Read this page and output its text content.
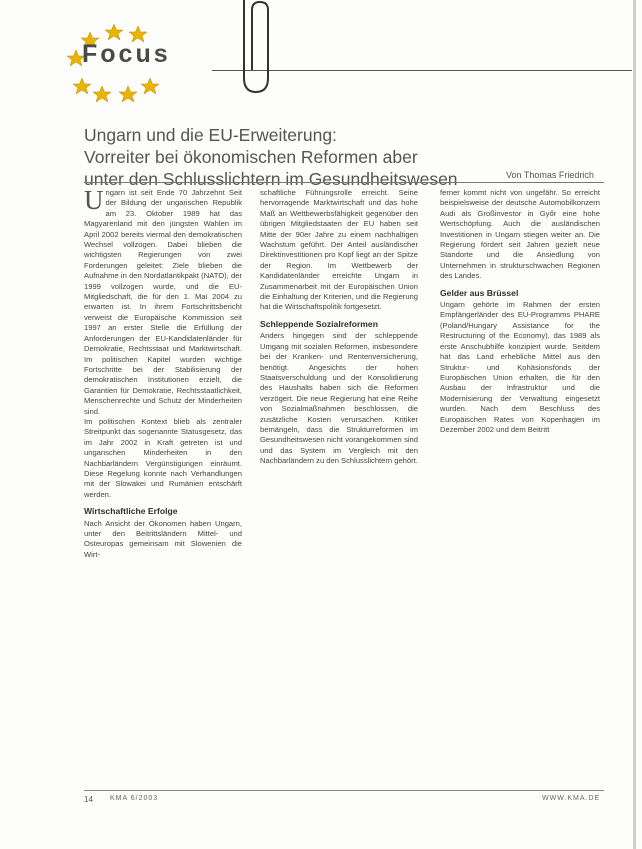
Focus
Ungarn und die EU-Erweiterung:
Vorreiter bei ökonomischen Reformen aber
unter den Schlusslichtern im Gesundheitswesen	Von Thomas Friedrich

Ungarn ist seit Ende 70 Jahrzehnt Seit der Bildung der ungarischen Republik am 23. Oktober 1989 hat das Magyarenland mit den jüngsten Wahlen im April 2002 bereits viermal den demokratischen Wechsel vollzogen. Dabei blieben die wichtigsten Regierungen von zwei Forderungen geleitet: Ziele blieben die Aufnahme in den Nordatlantikpakt (NATO), der 1999 vollzogen wurde, und die EU-Mitgliedschaft, die für den 1. Mai 2004 zu erwarten ist. In ihrem Fortschrittsbericht verweist die Europäische Kommission seit 1997 an erster Stelle die Erfüllung der Anforderungen der EU-Kandidatenländer für Demokratie, Rechtsstaat und Marktwirtschaft. Im politischen Kapitel wurden wichtige Fortschritte bei der Stabilisierung der demokratischen Institutionen erzielt, die Garantien für Demokratie, Rechtsstaatlichkeit, Menschenrechte und Schutz der Minderheiten sind.

Im politischen Kontext blieb als zentraler Streitpunkt das sogenannte Statusgesetz, das im Jahr 2002 in Kraft getreten ist und ungarischen Minderheiten in den Nachbarländern Vergünstigungen einräumt. Diese Regelung konnte nach Verhandlungen mit der Slowakei und Rumänien entschärft werden.

Wirtschaftliche Erfolge

Nach Ansicht der Ökonomen haben Ungarn, unter den Beitrittsländern Mittel- und Osteuropas gemeinsam mit Slowenien die Wirt-

schaftliche Führungsrolle erreicht. Seine hervorragende Marktwirtschaft und das hohe Maß an Wettbewerbsfähigkeit gegenüber den übrigen Mitgliedstaaten der EU haben seit Mitte der 90er Jahre zu einem nachhaltigen Wachstum geführt. Der Anteil ausländischer Direktinvestitionen pro Kopf liegt an der Spitze der Region. Im Wettbewerb der Kandidatenländer erreichte Ungarn in Zusammenarbeit mit der Europäischen Union die Einhaltung der Kriterien, und die Regierung hat die Wirtschaftspolitik fortgesetzt.

Schleppende Sozialreformen

Anders hingegen sind der schleppende Umgang mit sozialen Reformen, insbesondere bei der Kranken- und Rentenversicherung, benötigt. Angesichts der hohen Staatsverschuldung und der Konsolidierung des Haushalts haben sich die Reformen verzögert. Die neue Regierung hat eine Reihe von Sozialmaßnahmen beschlossen, die zusätzliche Kosten verursachen. Kritiker bemängeln, dass die Strukturreformen im Gesundheitswesen nicht vorangekommen sind und das System im Vergleich mit den Nachbarländern zu den Schlusslichtern gehört.

ferner kommt nicht von ungefähr. So erreicht beispielsweise der deutsche Automobilkonzern Audi als Großinvestor in Győr eine hohe Wertschöpfung. Auch die ausländischen Investitionen in Ungarn stiegen weiter an. Die Regierung fördert seit Jahren gezielt neue Standorte und die Ansiedlung von Unternehmen in strukturschwachen Regionen des Landes.

Gelder aus Brüssel

Ungarn gehörte im Rahmen der ersten Empfängerländer des EU-Programms PHARE (Poland/Hungary Assistance for the Restructuring of the Economy), das 1989 als erste Anschubhilfe konzipiert wurde. Seitdem hat das Land erhebliche Mittel aus den Struktur- und Kohäsionsfonds der Europäischen Union erhalten, die für den Ausbau der Infrastruktur und die Modernisierung der Verwaltung eingesetzt wurden. Nach dem Beschluss des Europäischen Rates von Kopenhagen im Dezember 2002 und dem Beitritt

14 KMA 6/2003	WWW.KMA.DE
